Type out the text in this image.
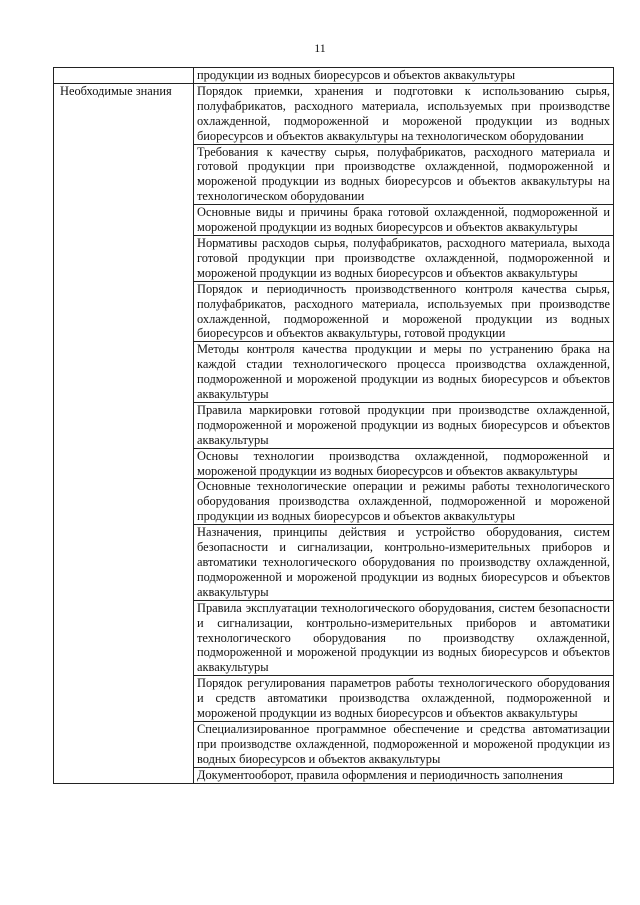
11
	продукции из водных биоресурсов и объектов аквакультуры
Необходимые знания	Порядок приемки, хранения и подготовки к использованию сырья, полуфабрикатов, расходного материала, используемых при производстве охлажденной, подмороженной и мороженой продукции из водных биоресурсов и объектов аквакультуры на технологическом оборудовании
	Требования к качеству сырья, полуфабрикатов, расходного материала и готовой продукции при производстве охлажденной, подмороженной и мороженой продукции из водных биоресурсов и объектов аквакультуры на технологическом оборудовании
	Основные виды и причины брака готовой охлажденной, подмороженной и мороженой продукции из водных биоресурсов и объектов аквакультуры
	Нормативы расходов сырья, полуфабрикатов, расходного материала, выхода готовой продукции при производстве охлажденной, подмороженной и мороженой продукции из водных биоресурсов и объектов аквакультуры
	Порядок и периодичность производственного контроля качества сырья, полуфабрикатов, расходного материала, используемых при производстве охлажденной, подмороженной и мороженой продукции из водных биоресурсов и объектов аквакультуры, готовой продукции
	Методы контроля качества продукции и меры по устранению брака на каждой стадии технологического процесса производства охлажденной, подмороженной и мороженой продукции из водных биоресурсов и объектов аквакультуры
	Правила маркировки готовой продукции при производстве охлажденной, подмороженной и мороженой продукции из водных биоресурсов и объектов аквакультуры
	Основы технологии производства охлажденной, подмороженной и мороженой продукции из водных биоресурсов и объектов аквакультуры
	Основные технологические операции и режимы работы технологического оборудования производства охлажденной, подмороженной и мороженой продукции из водных биоресурсов и объектов аквакультуры
	Назначения, принципы действия и устройство оборудования, систем безопасности и сигнализации, контрольно-измерительных приборов и автоматики технологического оборудования по производству охлажденной, подмороженной и мороженой продукции из водных биоресурсов и объектов аквакультуры
	Правила эксплуатации технологического оборудования, систем безопасности и сигнализации, контрольно-измерительных приборов и автоматики технологического оборудования по производству охлажденной, подмороженной и мороженой продукции из водных биоресурсов и объектов аквакультуры
	Порядок регулирования параметров работы технологического оборудования и средств автоматики производства охлажденной, подмороженной и мороженой продукции из водных биоресурсов и объектов аквакультуры
	Специализированное программное обеспечение и средства автоматизации при производстве охлажденной, подмороженной и мороженой продукции из водных биоресурсов и объектов аквакультуры
	Документооборот, правила оформления и периодичность заполнения
